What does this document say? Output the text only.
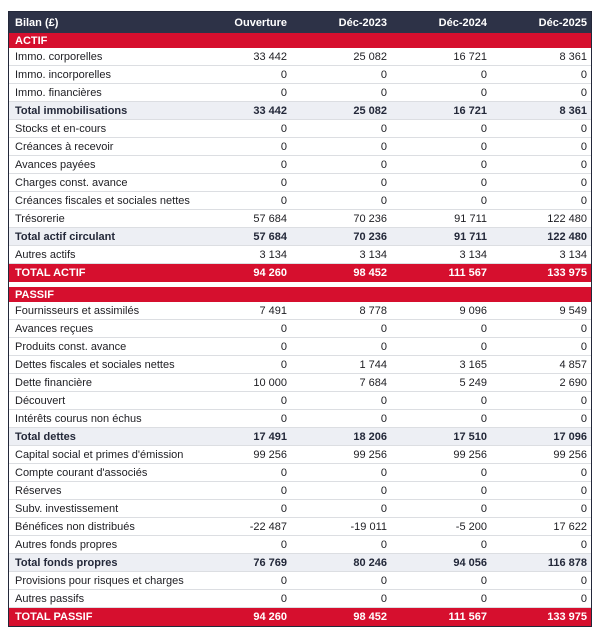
Bilan (£)	Ouverture	Déc-2023	Déc-2024	Déc-2025
ACTIF
Immo. corporelles	33 442	25 082	16 721	8 361
Immo. incorporelles	0	0	0	0
Immo. financières	0	0	0	0
Total immobilisations	33 442	25 082	16 721	8 361
Stocks et en-cours	0	0	0	0
Créances à recevoir	0	0	0	0
Avances payées	0	0	0	0
Charges const. avance	0	0	0	0
Créances fiscales et sociales nettes	0	0	0	0
Trésorerie	57 684	70 236	91 711	122 480
Total actif circulant	57 684	70 236	91 711	122 480
Autres actifs	3 134	3 134	3 134	3 134
TOTAL ACTIF	94 260	98 452	111 567	133 975
PASSIF
Fournisseurs et assimilés	7 491	8 778	9 096	9 549
Avances reçues	0	0	0	0
Produits const. avance	0	0	0	0
Dettes fiscales et sociales nettes	0	1 744	3 165	4 857
Dette financière	10 000	7 684	5 249	2 690
Découvert	0	0	0	0
Intérêts courus non échus	0	0	0	0
Total dettes	17 491	18 206	17 510	17 096
Capital social et primes d'émission	99 256	99 256	99 256	99 256
Compte courant d'associés	0	0	0	0
Réserves	0	0	0	0
Subv. investissement	0	0	0	0
Bénéfices non distribués	-22 487	-19 011	-5 200	17 622
Autres fonds propres	0	0	0	0
Total fonds propres	76 769	80 246	94 056	116 878
Provisions pour risques et charges	0	0	0	0
Autres passifs	0	0	0	0
TOTAL PASSIF	94 260	98 452	111 567	133 975
